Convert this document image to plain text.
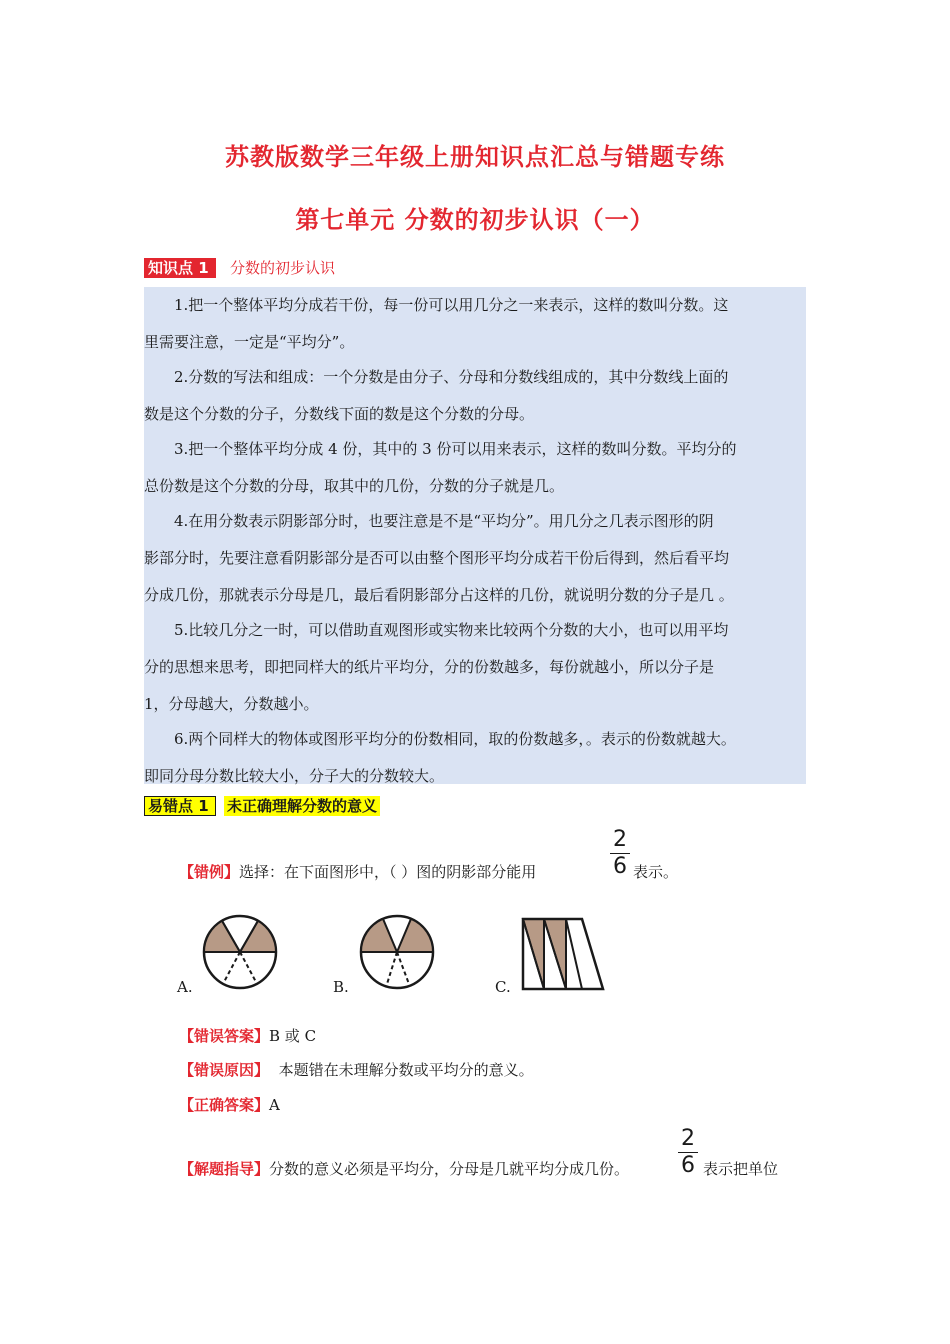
苏教版数学三年级上册知识点汇总与错题专练
第七单元 分数的初步认识（一）
知识点 1	分数的初步认识
1.把一个整体平均分成若干份，每一份可以用几分之一来表示，这样的数叫分数。这
里需要注意，一定是“平均分”。
2.分数的写法和组成：一个分数是由分子、分母和分数线组成的，其中分数线上面的
数是这个分数的分子，分数线下面的数是这个分数的分母。
3.把一个整体平均分成 4 份，其中的 3 份可以用来表示，这样的数叫分数。平均分的
总份数是这个分数的分母，取其中的几份，分数的分子就是几。
4.在用分数表示阴影部分时，也要注意是不是“平均分”。用几分之几表示图形的阴
影部分时，先要注意看阴影部分是否可以由整个图形平均分成若干份后得到，然后看平均
分成几份，那就表示分母是几，最后看阴影部分占这样的几份，就说明分数的分子是几 。
5.比较几分之一时，可以借助直观图形或实物来比较两个分数的大小，也可以用平均
分的思想来思考，即把同样大的纸片平均分，分的份数越多，每份就越小，所以分子是
1，分母越大，分数越小。
6.两个同样大的物体或图形平均分的份数相同，取的份数越多，。表示的份数就越大。
即同分母分数比较大小，分子大的分数较大。
易错点 1	未正确理解分数的意义
【错例】选择：在下面图形中，（ ）图的阴影部分能用
2
6 表示。
A.	B.	C.
【错误答案】B 或 C
【错误原因】 本题错在未理解分数或平均分的意义。
【正确答案】A
【解题指导】分数的意义必须是平均分，分母是几就平均分成几份。
2
6 表示把单位
